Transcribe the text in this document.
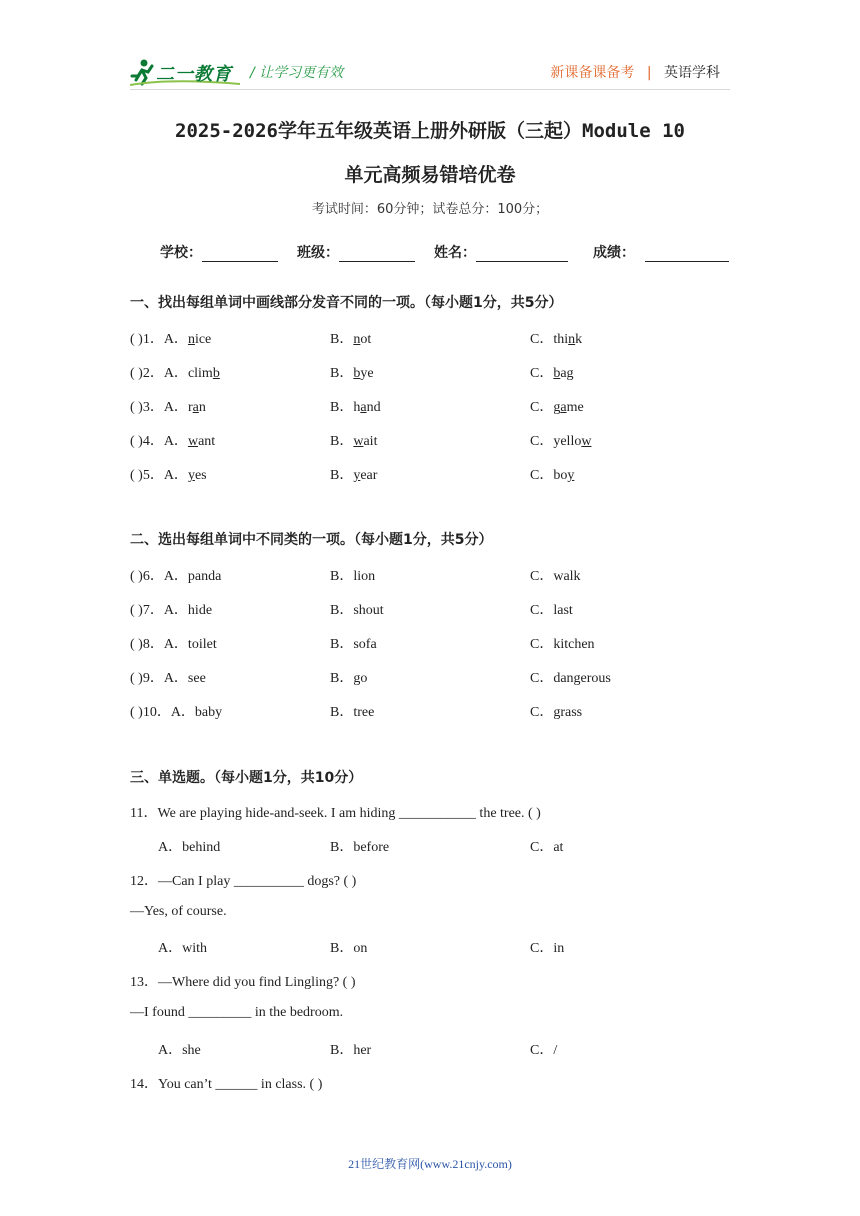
二一教育 / 让学习更有效	新课备课备考 | 英语学科
2025-2026学年五年级英语上册外研版（三起）Module 10
单元高频易错培优卷
考试时间：60分钟；试卷总分：100分；
学校：	班级：	姓名：	成绩：
一、找出每组单词中画线部分发音不同的一项。（每小题1分，共5分）
( )1．A．nice	B．not	C．think
( )2．A．climb	B．bye	C．bag
( )3．A．ran	B．hand	C．game
( )4．A．want	B．wait	C．yellow
( )5．A．yes	B．year	C．boy
二、选出每组单词中不同类的一项。（每小题1分，共5分）
( )6．A．panda	B．lion	C．walk
( )7．A．hide	B．shout	C．last
( )8．A．toilet	B．sofa	C．kitchen
( )9．A．see	B．go	C．dangerous
( )10．A．baby	B．tree	C．grass
三、单选题。（每小题1分，共10分）
11．We are playing hide-and-seek. I am hiding ___________ the tree. ( )
A．behind	B．before	C．at
12．—Can I play __________ dogs? ( )
—Yes, of course.
A．with	B．on	C．in
13．—Where did you find Lingling? ( )
—I found _________ in the bedroom.
A．she	B．her	C．/
14．You can’t ______ in class. ( )
21世纪教育网(www.21cnjy.com)
